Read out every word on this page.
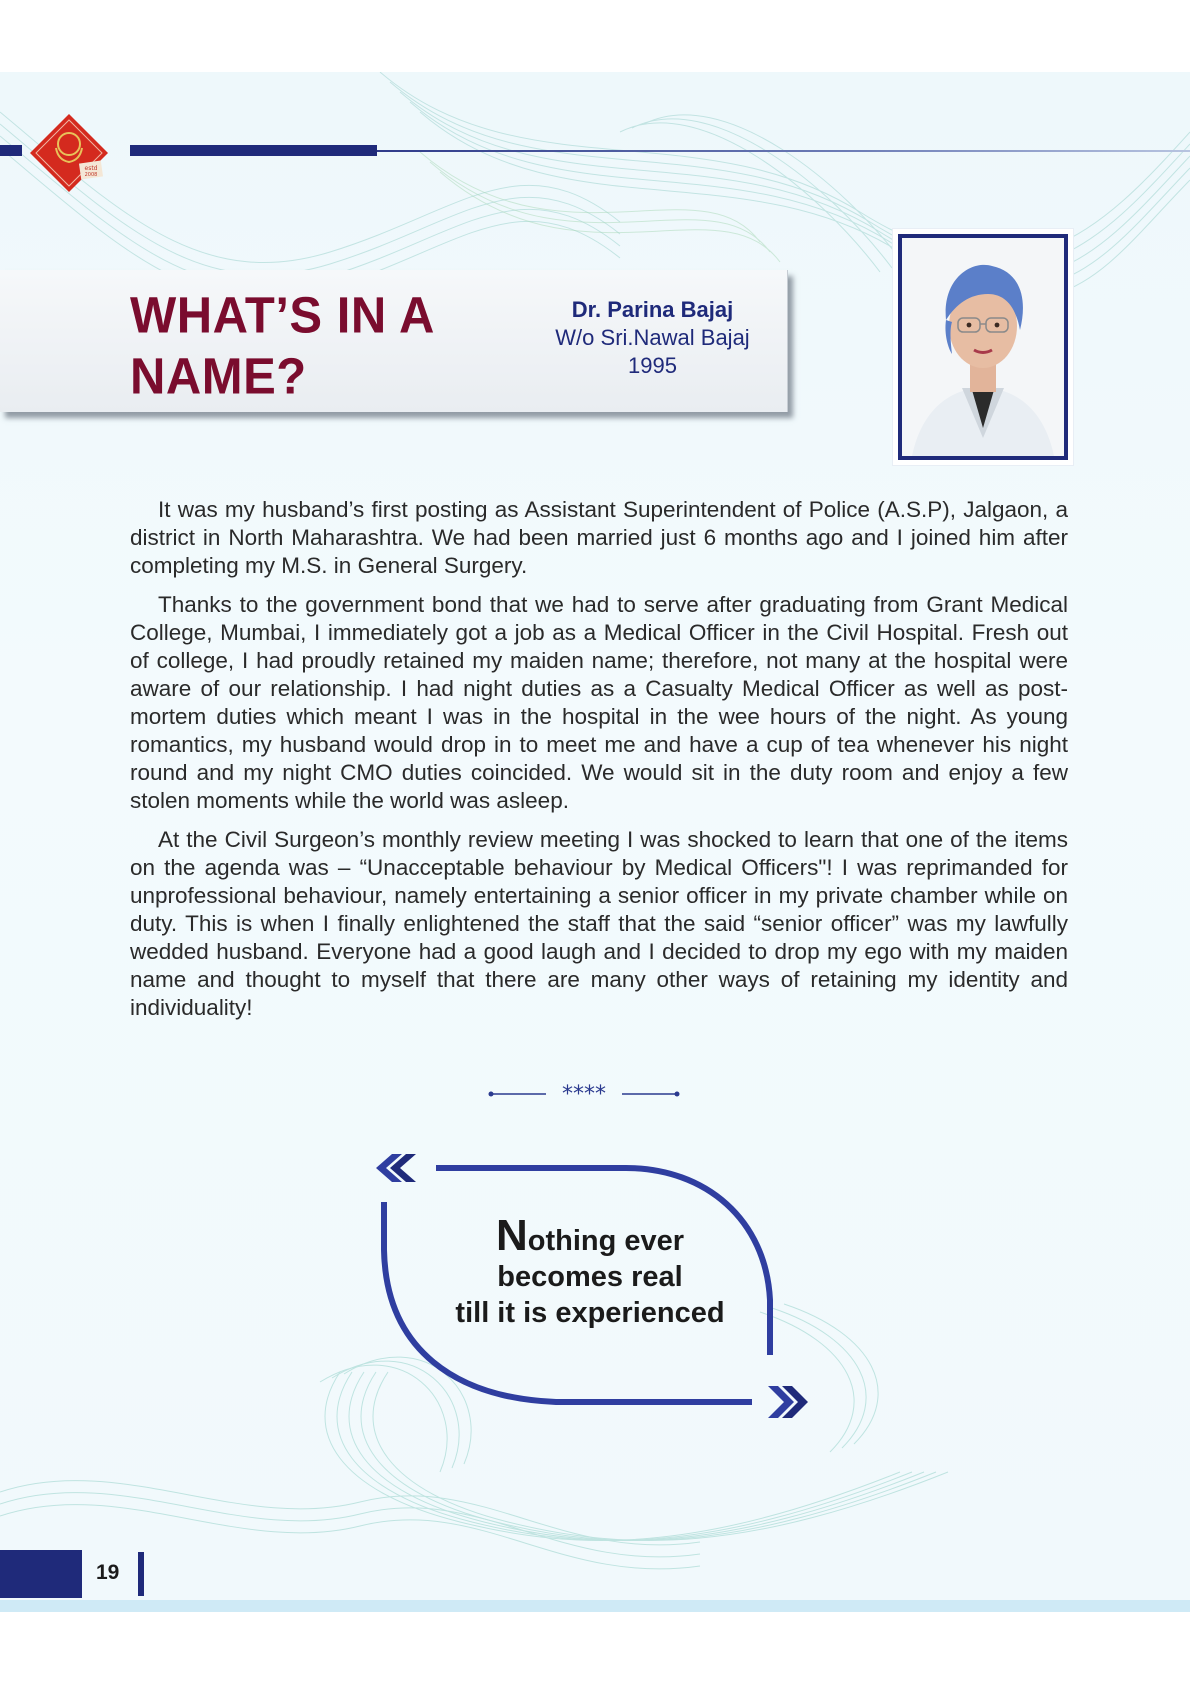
estd
2008
WHAT’S IN A
NAME?
Dr. Parina Bajaj
W/o Sri.Nawal Bajaj
1995

It was my husband’s first posting as Assistant Superintendent of Police (A.S.P), Jalgaon, a district in North Maharashtra. We had been married just 6 months ago and I joined him after completing my M.S. in General Surgery.

Thanks to the government bond that we had to serve after graduating from Grant Medical College, Mumbai, I immediately got a job as a Medical Officer in the Civil Hospital. Fresh out of college, I had proudly retained my maiden name; therefore, not many at the hospital were aware of our relationship. I had night duties as a Casualty Medical Officer as well as post-mortem duties which meant I was in the hospital in the wee hours of the night. As young romantics, my husband would drop in to meet me and have a cup of tea whenever his night round and my night CMO duties coincided. We would sit in the duty room and enjoy a few stolen moments while the world was asleep.

At the Civil Surgeon’s monthly review meeting I was shocked to learn that one of the items on the agenda was – “Unacceptable behaviour by Medical Officers"! I was reprimanded for unprofessional behaviour, namely entertaining a senior officer in my private chamber while on duty. This is when I finally enlightened the staff that the said “senior officer” was my lawfully wedded husband. Everyone had a good laugh and I decided to drop my ego with my maiden name and thought to myself that there are many other ways of retaining my identity and individuality!

****
Nothing ever
becomes real
till it is experienced
19
